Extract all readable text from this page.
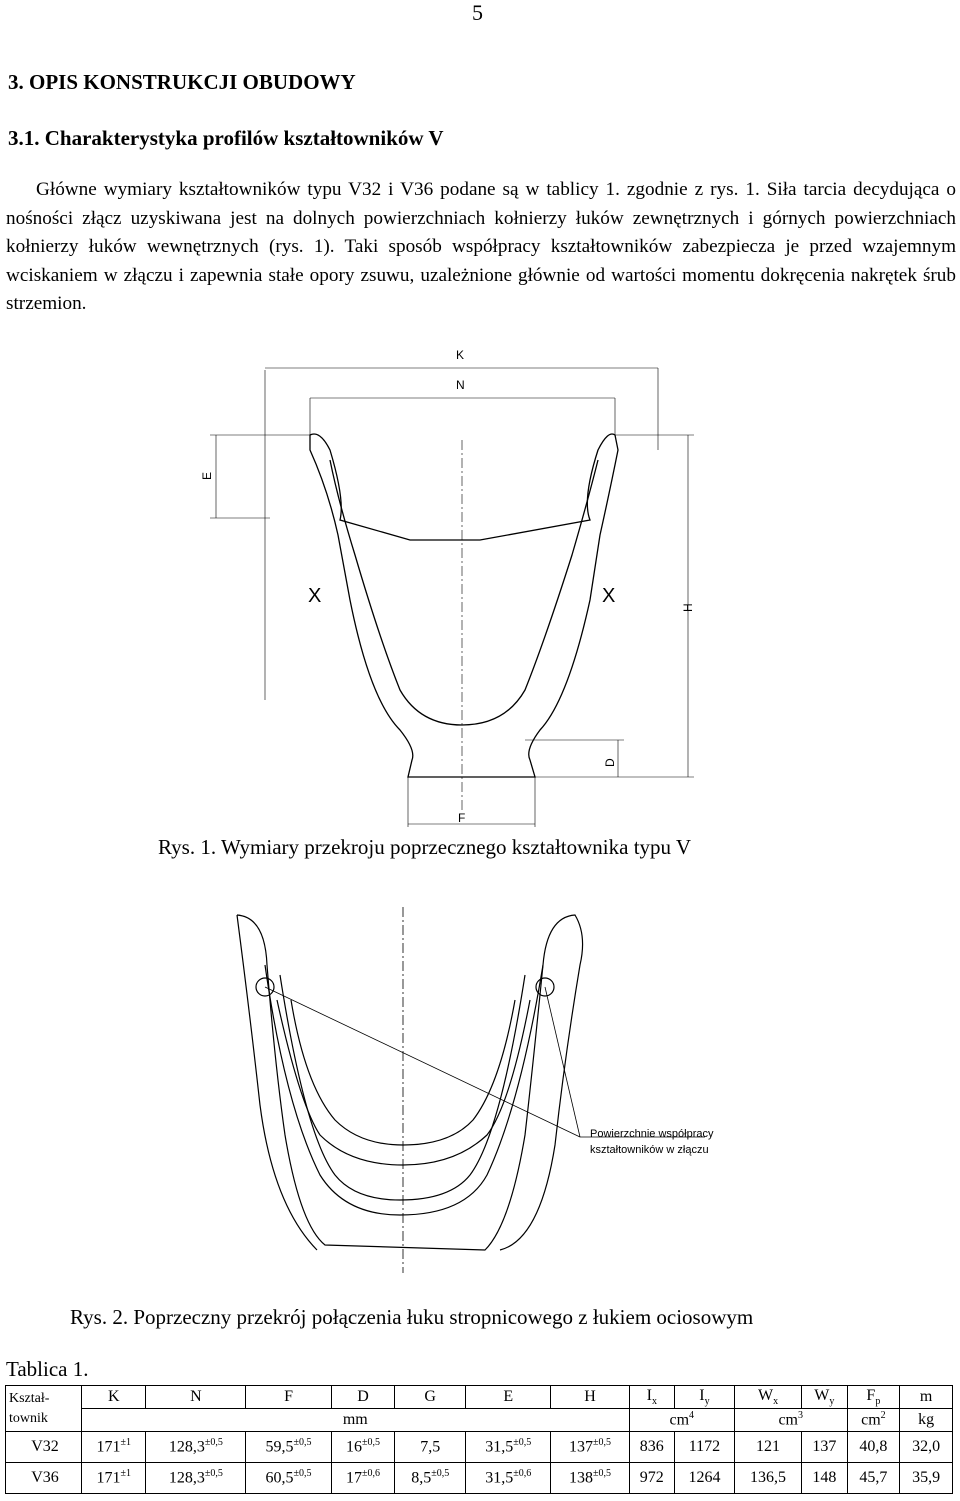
5
3. OPIS KONSTRUKCJI OBUDOWY
3.1. Charakterystyka profilów kształtowników V
Główne wymiary kształtowników typu V32 i V36 podane są w tablicy 1. zgodnie z rys. 1. Siła tarcia decydująca o nośności złącz uzyskiwana jest na dolnych powierzchniach kołnierzy łuków zewnętrznych i górnych powierzchniach kołnierzy łuków wewnętrznych (rys. 1). Taki sposób współpracy kształtowników zabezpiecza je przed wzajemnym wciskaniem w złączu i zapewnia stałe opory zsuwu, uzależnione głównie od wartości momentu dokręcenia nakrętek śrub strzemion.
K
N
E
H
D
F
X	X
Rys. 1. Wymiary przekroju poprzecznego kształtownika typu V
Powierzchnie współpracy
kształtowników w złączu
Rys. 2. Poprzeczny przekrój połączenia łuku stropnicowego z łukiem ociosowym
Tablica 1.
Kształ-
townik	K	N	F	D	G	E	H	$I_x$	$I_y$	$W_x$	$W_y$	$F_p$	m
	mm							$cm^4$		$cm^3$		$cm^2$	kg
V32	$171^{\pm 1}$	$128,3^{\pm 0,5}$	$59,5^{\pm 0,5}$	$16^{\pm 0,5}$	7,5	$31,5^{\pm 0,5}$	$137^{\pm 0,5}$	836	1172	121	137	40,8	32,0
V36	$171^{\pm 1}$	$128,3^{\pm 0,5}$	$60,5^{\pm 0,5}$	$17^{\pm 0,6}$	$8,5^{\pm 0,5}$	$31,5^{\pm 0,6}$	$138^{\pm 0,5}$	972	1264	136,5	148	45,7	35,9
